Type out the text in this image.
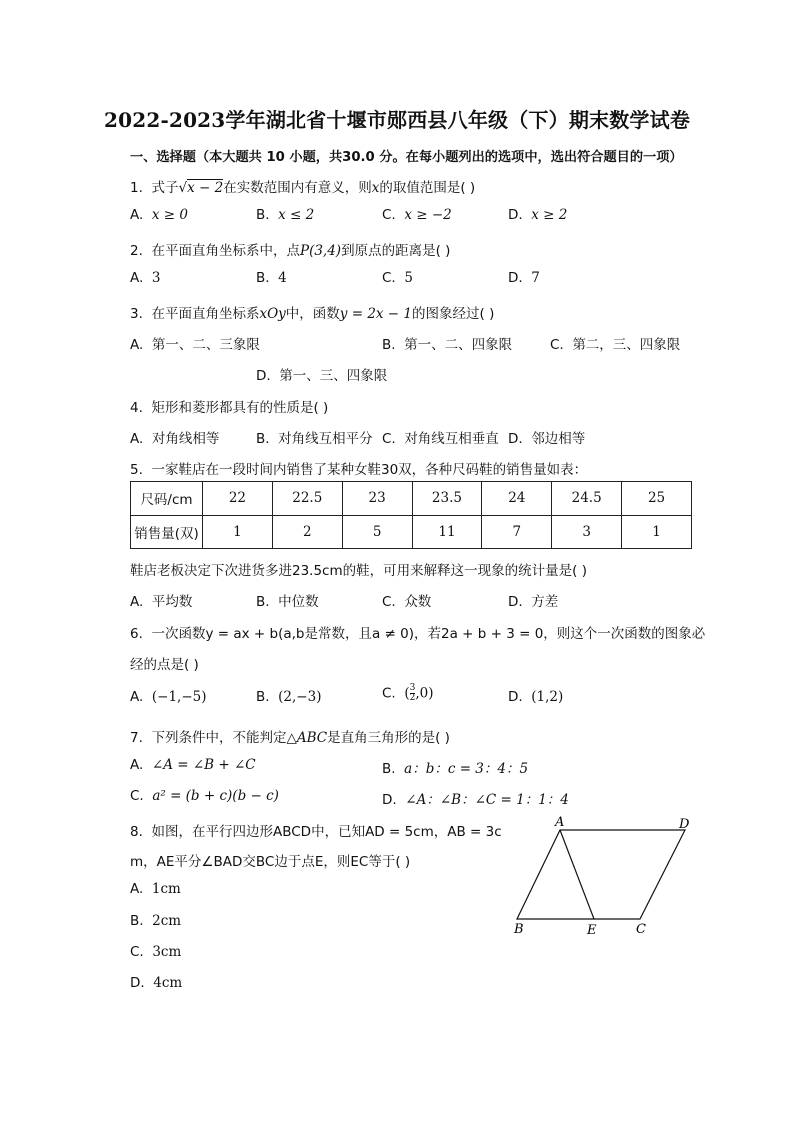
2022-2023学年湖北省十堰市郧西县八年级（下）期末数学试卷
一、选择题（本大题共 10 小题，共30.0 分。在每小题列出的选项中，选出符合题目的一项）
1. 式子√x − 2在实数范围内有意义，则x的取值范围是( )
A. x ≥ 0	B. x ≤ 2	C. x ≥ −2	D. x ≥ 2
2. 在平面直角坐标系中，点P(3,4)到原点的距离是( )
A. 3	B. 4	C. 5	D. 7
3. 在平面直角坐标系xOy中，函数y = 2x − 1的图象经过( )
A. 第一、二、三象限	B. 第一、二、四象限	C. 第二，三、四象限
D. 第一、三、四象限
4. 矩形和菱形都具有的性质是( )
A. 对角线相等	B. 对角线互相平分 C. 对角线互相垂直 D. 邻边相等
5. 一家鞋店在一段时间内销售了某种女鞋30双，各种尺码鞋的销售量如表：
尺码/cm	22	22.5	23	23.5	24	24.5	25
销售量(双)	1	2	5	11	7	3	1
鞋店老板决定下次进货多进23.5cm的鞋，可用来解释这一现象的统计量是( )
A. 平均数	B. 中位数	C. 众数	D. 方差
6. 一次函数y = ax + b(a,b是常数，且a ≠ 0)，若2a + b + 3 = 0，则这个一次函数的图象必
经的点是( )
A. (−1,−5)	B. (2,−3)	C. ( $\frac{3}{2} ,0$)	D. (1,2)
7. 下列条件中，不能判定△ABC是直角三角形的是( )
A. ∠A = ∠B + ∠C	B. a：b：c = 3：4：5
C. a² = (b + c)(b − c)	D. ∠A：∠B：∠C = 1：1：4
8. 如图，在平行四边形ABCD中，已知AD = 5cm，AB = 3c
m，AE平分∠BAD交BC边于点E，则EC等于( )
A. 1cm
B. 2cm
C. 3cm
D. 4cm
A	D
B	E	C
